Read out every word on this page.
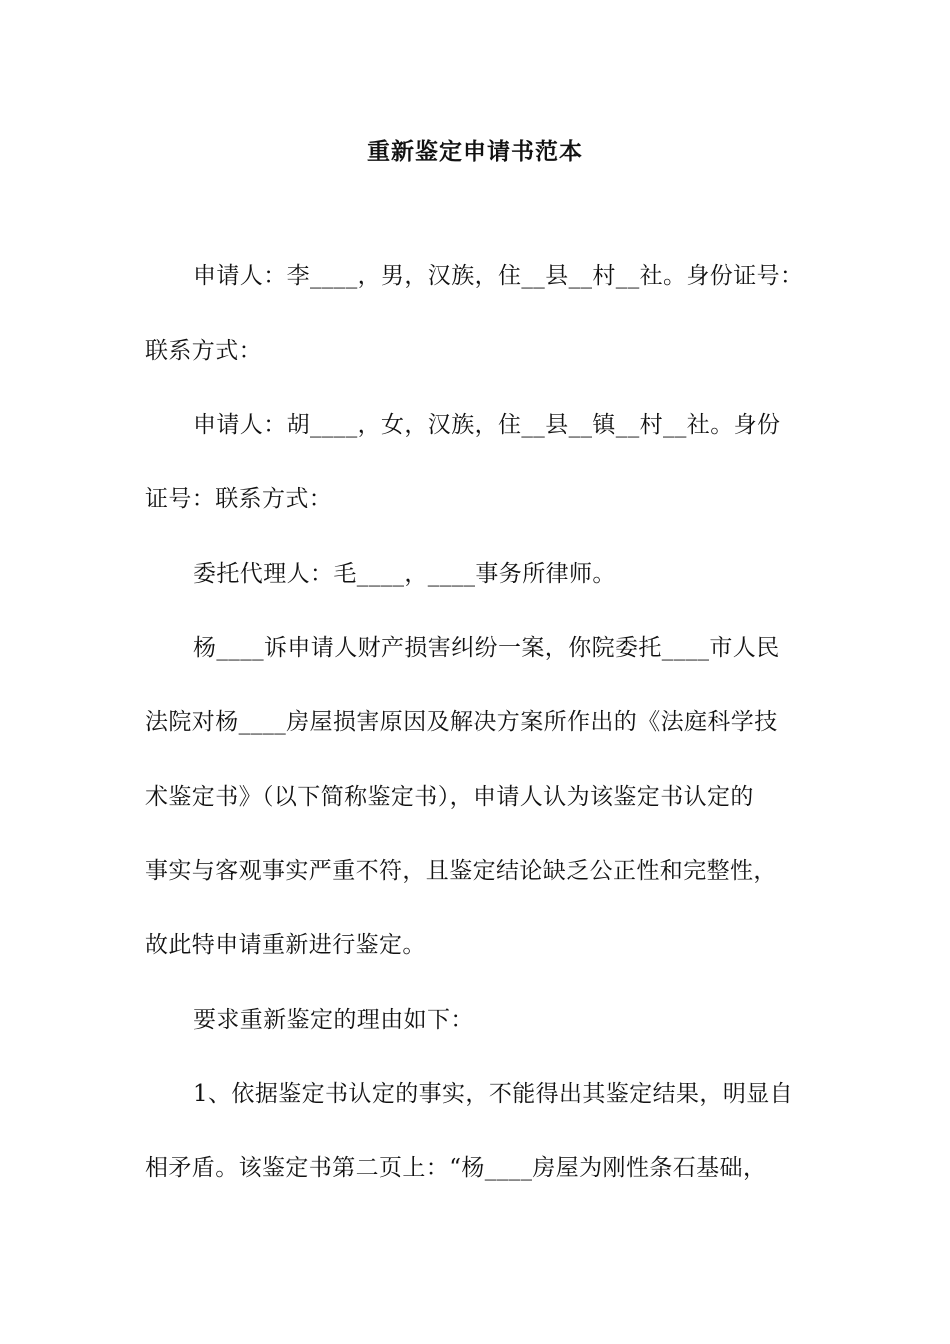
重新鉴定申请书范本
申请人：李____，男，汉族，住__县__村__社。身份证号：
联系方式：
申请人：胡____，女，汉族，住__县__镇__村__社。身份
证号：联系方式：
委托代理人：毛____，____事务所律师。
杨____诉申请人财产损害纠纷一案，你院委托____市人民
法院对杨____房屋损害原因及解决方案所作出的《法庭科学技
术鉴定书》（以下简称鉴定书），申请人认为该鉴定书认定的
事实与客观事实严重不符，且鉴定结论缺乏公正性和完整性，
故此特申请重新进行鉴定。
要求重新鉴定的理由如下：
1、依据鉴定书认定的事实，不能得出其鉴定结果，明显自
相矛盾。该鉴定书第二页上：“杨____房屋为刚性条石基础，
